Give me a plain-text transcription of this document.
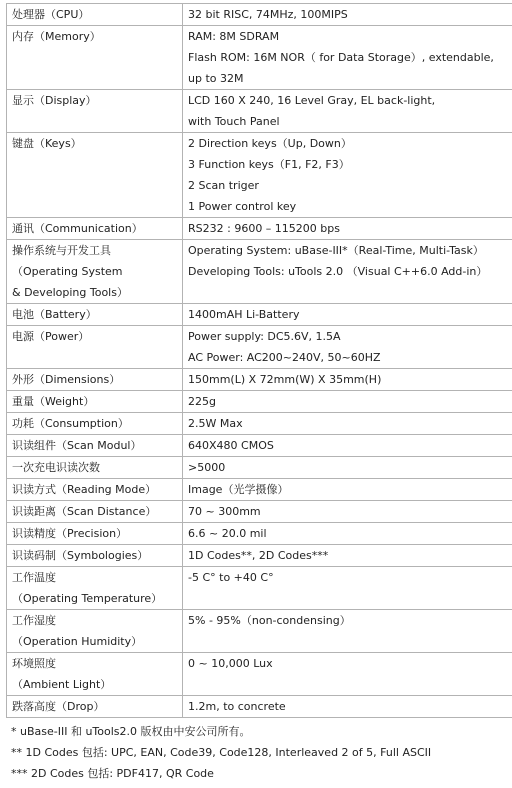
处理器（CPU）	32 bit RISC, 74MHz, 100MIPS

内存（Memory）	RAM: 8M SDRAM
Flash ROM: 16M NOR（ for Data Storage）, extendable,
up to 32M

显示（Display）	LCD 160 X 240, 16 Level Gray, EL back-light,
with Touch Panel

键盘（Keys）	2 Direction keys（Up, Down）
3 Function keys（F1, F2, F3）
2 Scan triger
1 Power control key

通讯（Communication）	RS232 : 9600 – 115200 bps

操作系统与开发工具
（Operating System
& Developing Tools）	Operating System: uBase-III*（Real-Time, Multi-Task）
Developing Tools: uTools 2.0 （Visual C++6.0 Add-in）

电池（Battery）	1400mAH Li-Battery

电源（Power）	Power supply: DC5.6V, 1.5A
AC Power: AC200~240V, 50~60HZ

外形（Dimensions）	150mm(L) X 72mm(W) X 35mm(H)

重量（Weight）	225g

功耗（Consumption）	2.5W Max

识读组件（Scan Modul）	640X480 CMOS

一次充电识读次数	>5000

识读方式（Reading Mode）	Image（光学摄像）

识读距离（Scan Distance）	70 ~ 300mm

识读精度（Precision）	6.6 ~ 20.0 mil

识读码制（Symbologies）	1D Codes**, 2D Codes***

工作温度
（Operating Temperature）	-5 C° to +40 C°

工作湿度
（Operation Humidity）	5% - 95%（non-condensing）

环境照度
（Ambient Light）	0 ~ 10,000 Lux

跌落高度（Drop）	1.2m, to concrete
* uBase-III 和 uTools2.0 版权由中安公司所有。
** 1D Codes 包括: UPC, EAN, Code39, Code128, Interleaved 2 of 5, Full ASCII
*** 2D Codes 包括: PDF417, QR Code
